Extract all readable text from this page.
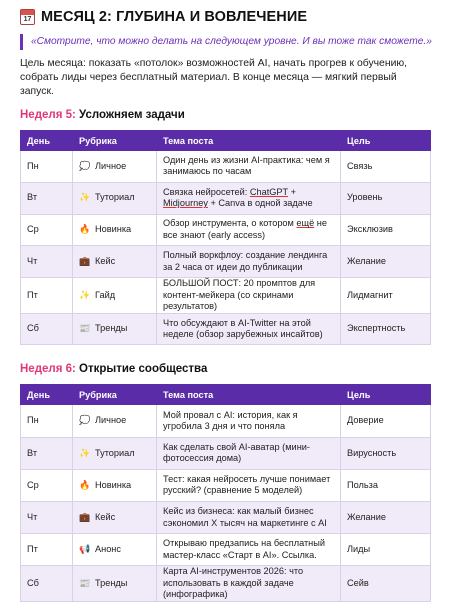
17 МЕСЯЦ 2: ГЛУБИНА И ВОВЛЕЧЕНИЕ
«Смотрите, что можно делать на следующем уровне. И вы тоже так сможете.»
Цель месяца: показать «потолок» возможностей AI, начать прогрев к обучению, собрать лиды через бесплатный материал. В конце месяца — мягкий первый запуск.
Неделя 5: Усложняем задачи
День	Рубрика	Тема поста	Цель
Пн	💭 Личное	Один день из жизни AI-практика: чем я занимаюсь по часам	Связь
Вт	✨ Туториал	Связка нейросетей: ChatGPT + Midjourney + Canva в одной задаче	Уровень
Ср	🔥 Новинка	Обзор инструмента, о котором ещё не все знают (early access)	Эксклюзив
Чт	💼 Кейс	Полный воркфлоу: создание лендинга за 2 часа от идеи до публикации	Желание
Пт	✨ Гайд	БОЛЬШОЙ ПОСТ: 20 промптов для контент-мейкера (со скринами результатов)	Лидмагнит
Сб	📰 Тренды	Что обсуждают в AI-Twitter на этой неделе (обзор зарубежных инсайтов)	Экспертность
Неделя 6: Открытие сообщества
День	Рубрика	Тема поста	Цель
Пн	💭 Личное	Мой провал с AI: история, как я угробила 3 дня и что поняла	Доверие
Вт	✨ Туториал	Как сделать свой AI-аватар (мини-фотосессия дома)	Вирусность
Ср	🔥 Новинка	Тест: какая нейросеть лучше понимает русский? (сравнение 5 моделей)	Польза
Чт	💼 Кейс	Кейс из бизнеса: как малый бизнес сэкономил X тысяч на маркетинге с AI	Желание
Пт	📢 Анонс	Открываю предзапись на бесплатный мастер-класс «Старт в AI». Ссылка.	Лиды
Сб	📰 Тренды	Карта AI-инструментов 2026: что использовать в каждой задаче (инфографика)	Сейв
